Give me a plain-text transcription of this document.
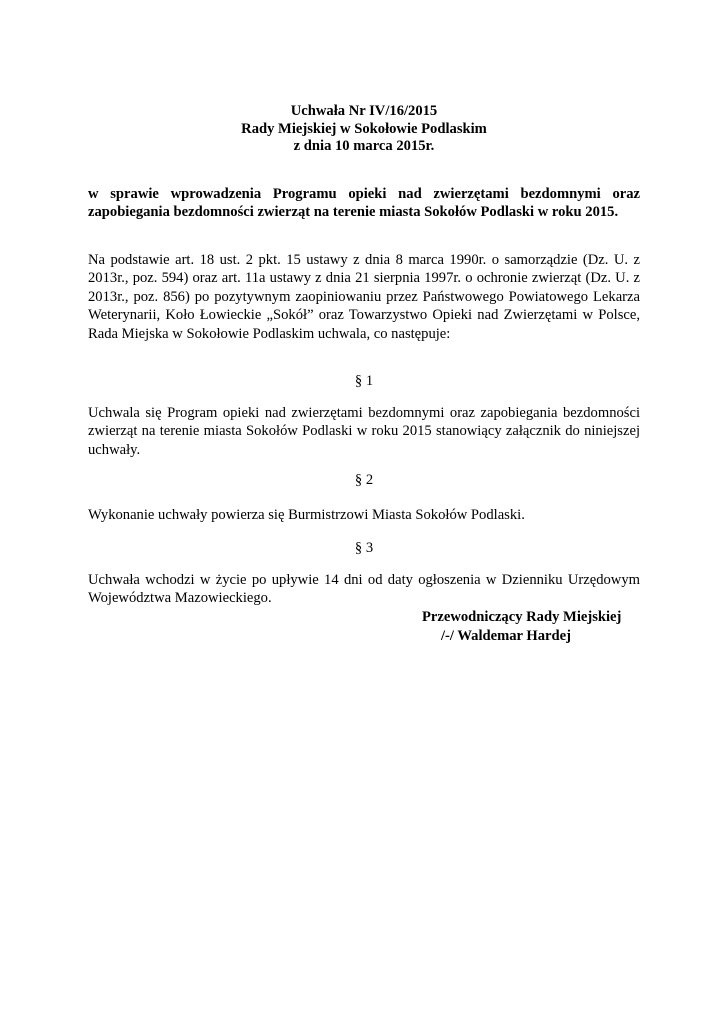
Uchwała Nr IV/16/2015
Rady Miejskiej w Sokołowie Podlaskim
z dnia 10 marca 2015r.
w sprawie wprowadzenia Programu opieki nad zwierzętami bezdomnymi oraz zapobiegania bezdomności zwierząt na terenie miasta Sokołów Podlaski w roku 2015.
Na podstawie art. 18 ust. 2 pkt. 15 ustawy z dnia 8 marca 1990r. o samorządzie (Dz. U. z 2013r., poz. 594) oraz art. 11a ustawy z dnia 21 sierpnia 1997r. o ochronie zwierząt (Dz. U. z 2013r., poz. 856) po pozytywnym zaopiniowaniu przez Państwowego Powiatowego Lekarza Weterynarii, Koło Łowieckie „Sokół” oraz Towarzystwo Opieki nad Zwierzętami w Polsce, Rada Miejska w Sokołowie Podlaskim uchwala, co następuje:
§ 1
Uchwala się Program opieki nad zwierzętami bezdomnymi oraz zapobiegania bezdomności zwierząt na terenie miasta Sokołów Podlaski w roku 2015 stanowiący załącznik do niniejszej uchwały.
§ 2
Wykonanie uchwały powierza się Burmistrzowi Miasta Sokołów Podlaski.
§ 3
Uchwała wchodzi w życie po upływie 14 dni od daty ogłoszenia w Dzienniku Urzędowym Województwa Mazowieckiego.
Przewodniczący Rady Miejskiej
/-/ Waldemar Hardej
